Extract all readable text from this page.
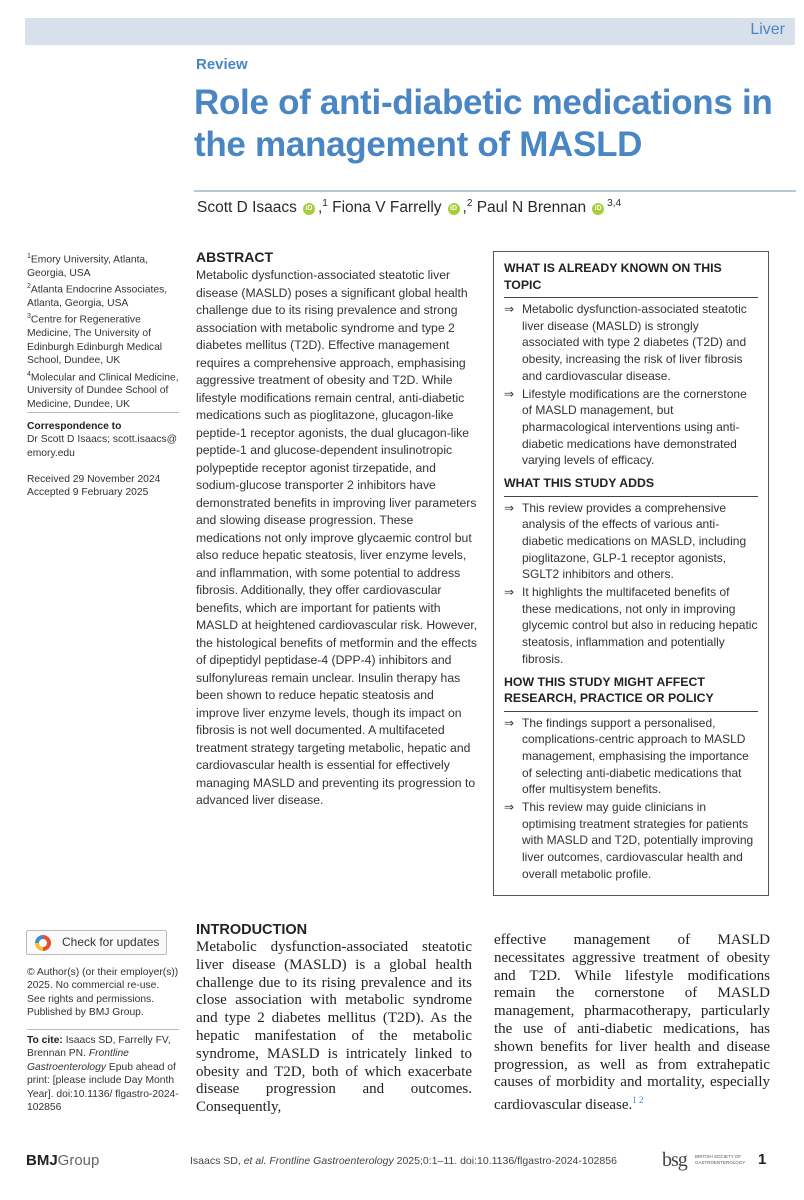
Liver
Review
Role of anti-diabetic medications in the management of MASLD
Scott D Isaacs iD ,$^1$ Fiona V Farrelly iD ,$^2$ Paul N Brennan iD $^{3,4}$
$^1$Emory University, Atlanta, Georgia, USA
$^2$Atlanta Endocrine Associates, Atlanta, Georgia, USA
$^3$Centre for Regenerative Medicine, The University of Edinburgh Edinburgh Medical School, Dundee, UK
$^4$Molecular and Clinical Medicine, University of Dundee School of Medicine, Dundee, UK
Correspondence to
Dr Scott D Isaacs; scott.isaacs@ emory.edu
Received 29 November 2024
Accepted 9 February 2025
ABSTRACT

Metabolic dysfunction-associated steatotic liver disease (MASLD) poses a significant global health challenge due to its rising prevalence and strong association with metabolic syndrome and type 2 diabetes mellitus (T2D). Effective management requires a comprehensive approach, emphasising aggressive treatment of obesity and T2D. While lifestyle modifications remain central, anti-diabetic medications such as pioglitazone, glucagon-like peptide-1 receptor agonists, the dual glucagon-like peptide-1 and glucose-dependent insulinotropic polypeptide receptor agonist tirzepatide, and sodium-glucose transporter 2 inhibitors have demonstrated benefits in improving liver parameters and slowing disease progression. These medications not only improve glycaemic control but also reduce hepatic steatosis, liver enzyme levels, and inflammation, with some potential to address fibrosis. Additionally, they offer cardiovascular benefits, which are important for patients with MASLD at heightened cardiovascular risk. However, the histological benefits of metformin and the effects of dipeptidyl peptidase-4 (DPP-4) inhibitors and sulfonylureas remain unclear. Insulin therapy has been shown to reduce hepatic steatosis and improve liver enzyme levels, though its impact on fibrosis is not well documented. A multifaceted treatment strategy targeting metabolic, hepatic and cardiovascular health is essential for effectively managing MASLD and preventing its progression to advanced liver disease.

WHAT IS ALREADY KNOWN ON THIS TOPIC
⇒ Metabolic dysfunction-associated steatotic liver disease (MASLD) is strongly associated with type 2 diabetes (T2D) and obesity, increasing the risk of liver fibrosis and cardiovascular disease.
⇒ Lifestyle modifications are the cornerstone of MASLD management, but pharmacological interventions using anti-diabetic medications have demonstrated varying levels of efficacy.
WHAT THIS STUDY ADDS
⇒ This review provides a comprehensive analysis of the effects of various anti-diabetic medications on MASLD, including pioglitazone, GLP-1 receptor agonists, SGLT2 inhibitors and others.
⇒ It highlights the multifaceted benefits of these medications, not only in improving glycemic control but also in reducing hepatic steatosis, inflammation and potentially fibrosis.
HOW THIS STUDY MIGHT AFFECT RESEARCH, PRACTICE OR POLICY
⇒ The findings support a personalised, complications-centric approach to MASLD management, emphasising the importance of selecting anti-diabetic medications that offer multisystem benefits.
⇒ This review may guide clinicians in optimising treatment strategies for patients with MASLD and T2D, potentially improving liver outcomes, cardiovascular health and overall metabolic profile.
Check for updates
© Author(s) (or their employer(s)) 2025. No commercial re-use. See rights and permissions. Published by BMJ Group.
To cite: Isaacs SD, Farrelly FV, Brennan PN. Frontline Gastroenterology Epub ahead of print: [please include Day Month Year]. doi:10.1136/ flgastro-2024-102856
INTRODUCTION
Metabolic dysfunction-associated steatotic liver disease (MASLD) is a global health challenge due to its rising prevalence and its close association with metabolic syndrome and type 2 diabetes mellitus (T2D). As the hepatic manifestation of the metabolic syndrome, MASLD is intricately linked to obesity and T2D, both of which exacerbate disease progression and outcomes. Consequently,
effective management of MASLD necessitates aggressive treatment of obesity and T2D. While lifestyle modifications remain the cornerstone of MASLD management, pharmacotherapy, particularly the use of anti-diabetic medications, has shown benefits for liver health and disease progression, as well as from extrahepatic causes of morbidity and mortality, especially cardiovascular disease.$^{1 2}$
BMJGroup	Isaacs SD, et al. Frontline Gastroenterology 2025;0:1–11. doi:10.1136/flgastro-2024-102856 bsg BRITISH SOCIETY OF GASTROENTEROLOGY 1
